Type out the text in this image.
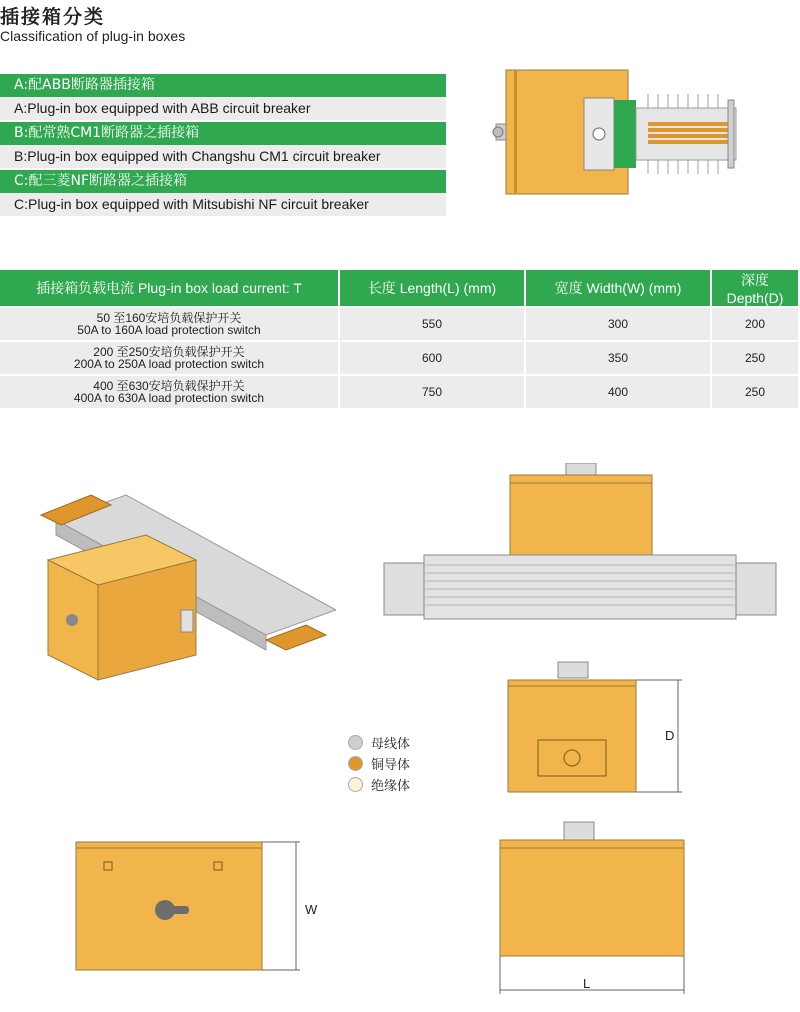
插接箱分类
Classification of plug-in boxes
A:配ABB断路器插接箱
A:Plug-in box equipped with ABB circuit breaker
B:配常熟CM1断路器之插接箱
B:Plug-in box equipped with Changshu CM1 circuit breaker
C:配三菱NF断路器之插接箱
C:Plug-in box equipped with Mitsubishi NF circuit breaker
插接箱负载电流 Plug-in box load current: T	长度 Length(L) (mm)	宽度 Width(W) (mm)	深度 Depth(D)

50 至160安培负载保护开关
50A to 160A load protection switch	550	300	200

200 至250安培负载保护开关
200A to 250A load protection switch	600	350	250

400 至630安培负载保护开关
400A to 630A load protection switch	750	400	250
D
母线体
铜导体
绝缘体
W
L
